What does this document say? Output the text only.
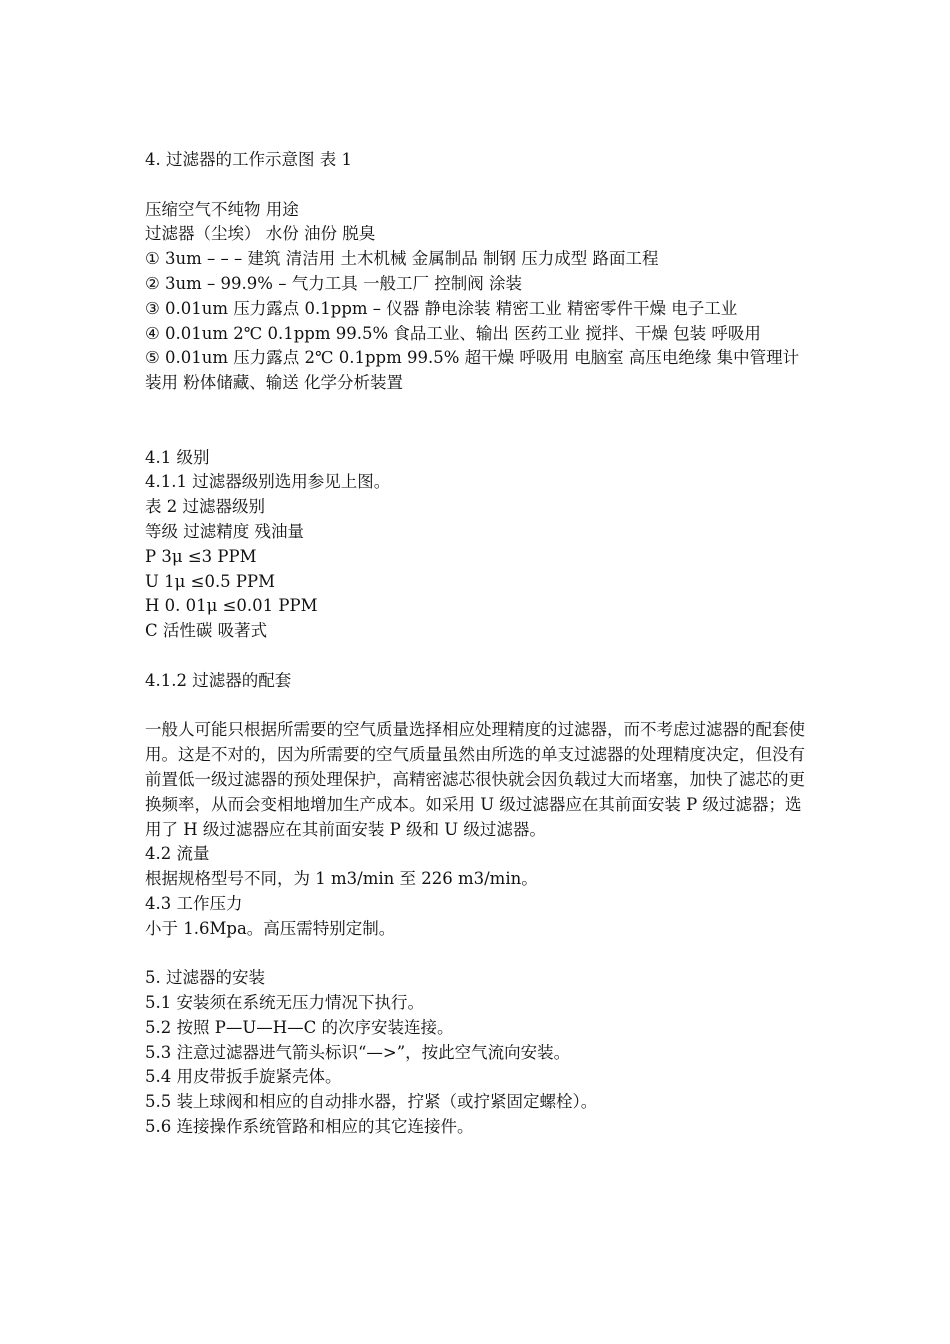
4. 过滤器的工作示意图 表 1

压缩空气不纯物 用途

过滤器（尘埃） 水份 油份 脱臭

① 3um – – – 建筑 清洁用 土木机械 金属制品 制钢 压力成型 路面工程

② 3um – 99.9% – 气力工具 一般工厂 控制阀 涂装

③ 0.01um 压力露点 0.1ppm – 仪器 静电涂装 精密工业 精密零件干燥 电子工业

④ 0.01um 2℃ 0.1ppm 99.5% 食品工业、输出 医药工业 搅拌、干燥 包装 呼吸用

⑤ 0.01um 压力露点 2℃ 0.1ppm 99.5% 超干燥 呼吸用 电脑室 高压电绝缘 集中管理计装用 粉体储藏、输送 化学分析装置

4.1 级别

4.1.1 过滤器级别选用参见上图。

表 2 过滤器级别

等级 过滤精度 残油量

P 3μ ≤3 PPM

U 1μ ≤0.5 PPM

H 0. 01μ ≤0.01 PPM

C 活性碳 吸著式

4.1.2 过滤器的配套

一般人可能只根据所需要的空气质量选择相应处理精度的过滤器，而不考虑过滤器的配套使用。这是不对的，因为所需要的空气质量虽然由所选的单支过滤器的处理精度决定，但没有前置低一级过滤器的预处理保护，高精密滤芯很快就会因负载过大而堵塞，加快了滤芯的更换频率，从而会变相地增加生产成本。如采用 U 级过滤器应在其前面安装 P 级过滤器；选用了 H 级过滤器应在其前面安装 P 级和 U 级过滤器。

4.2 流量

根据规格型号不同，为 1 m3/min 至 226 m3/min。

4.3 工作压力

小于 1.6Mpa。高压需特别定制。

5. 过滤器的安装

5.1 安装须在系统无压力情况下执行。

5.2 按照 P—U—H—C 的次序安装连接。

5.3 注意过滤器进气箭头标识“—>”，按此空气流向安装。

5.4 用皮带扳手旋紧壳体。

5.5 装上球阀和相应的自动排水器，拧紧（或拧紧固定螺栓）。

5.6 连接操作系统管路和相应的其它连接件。
